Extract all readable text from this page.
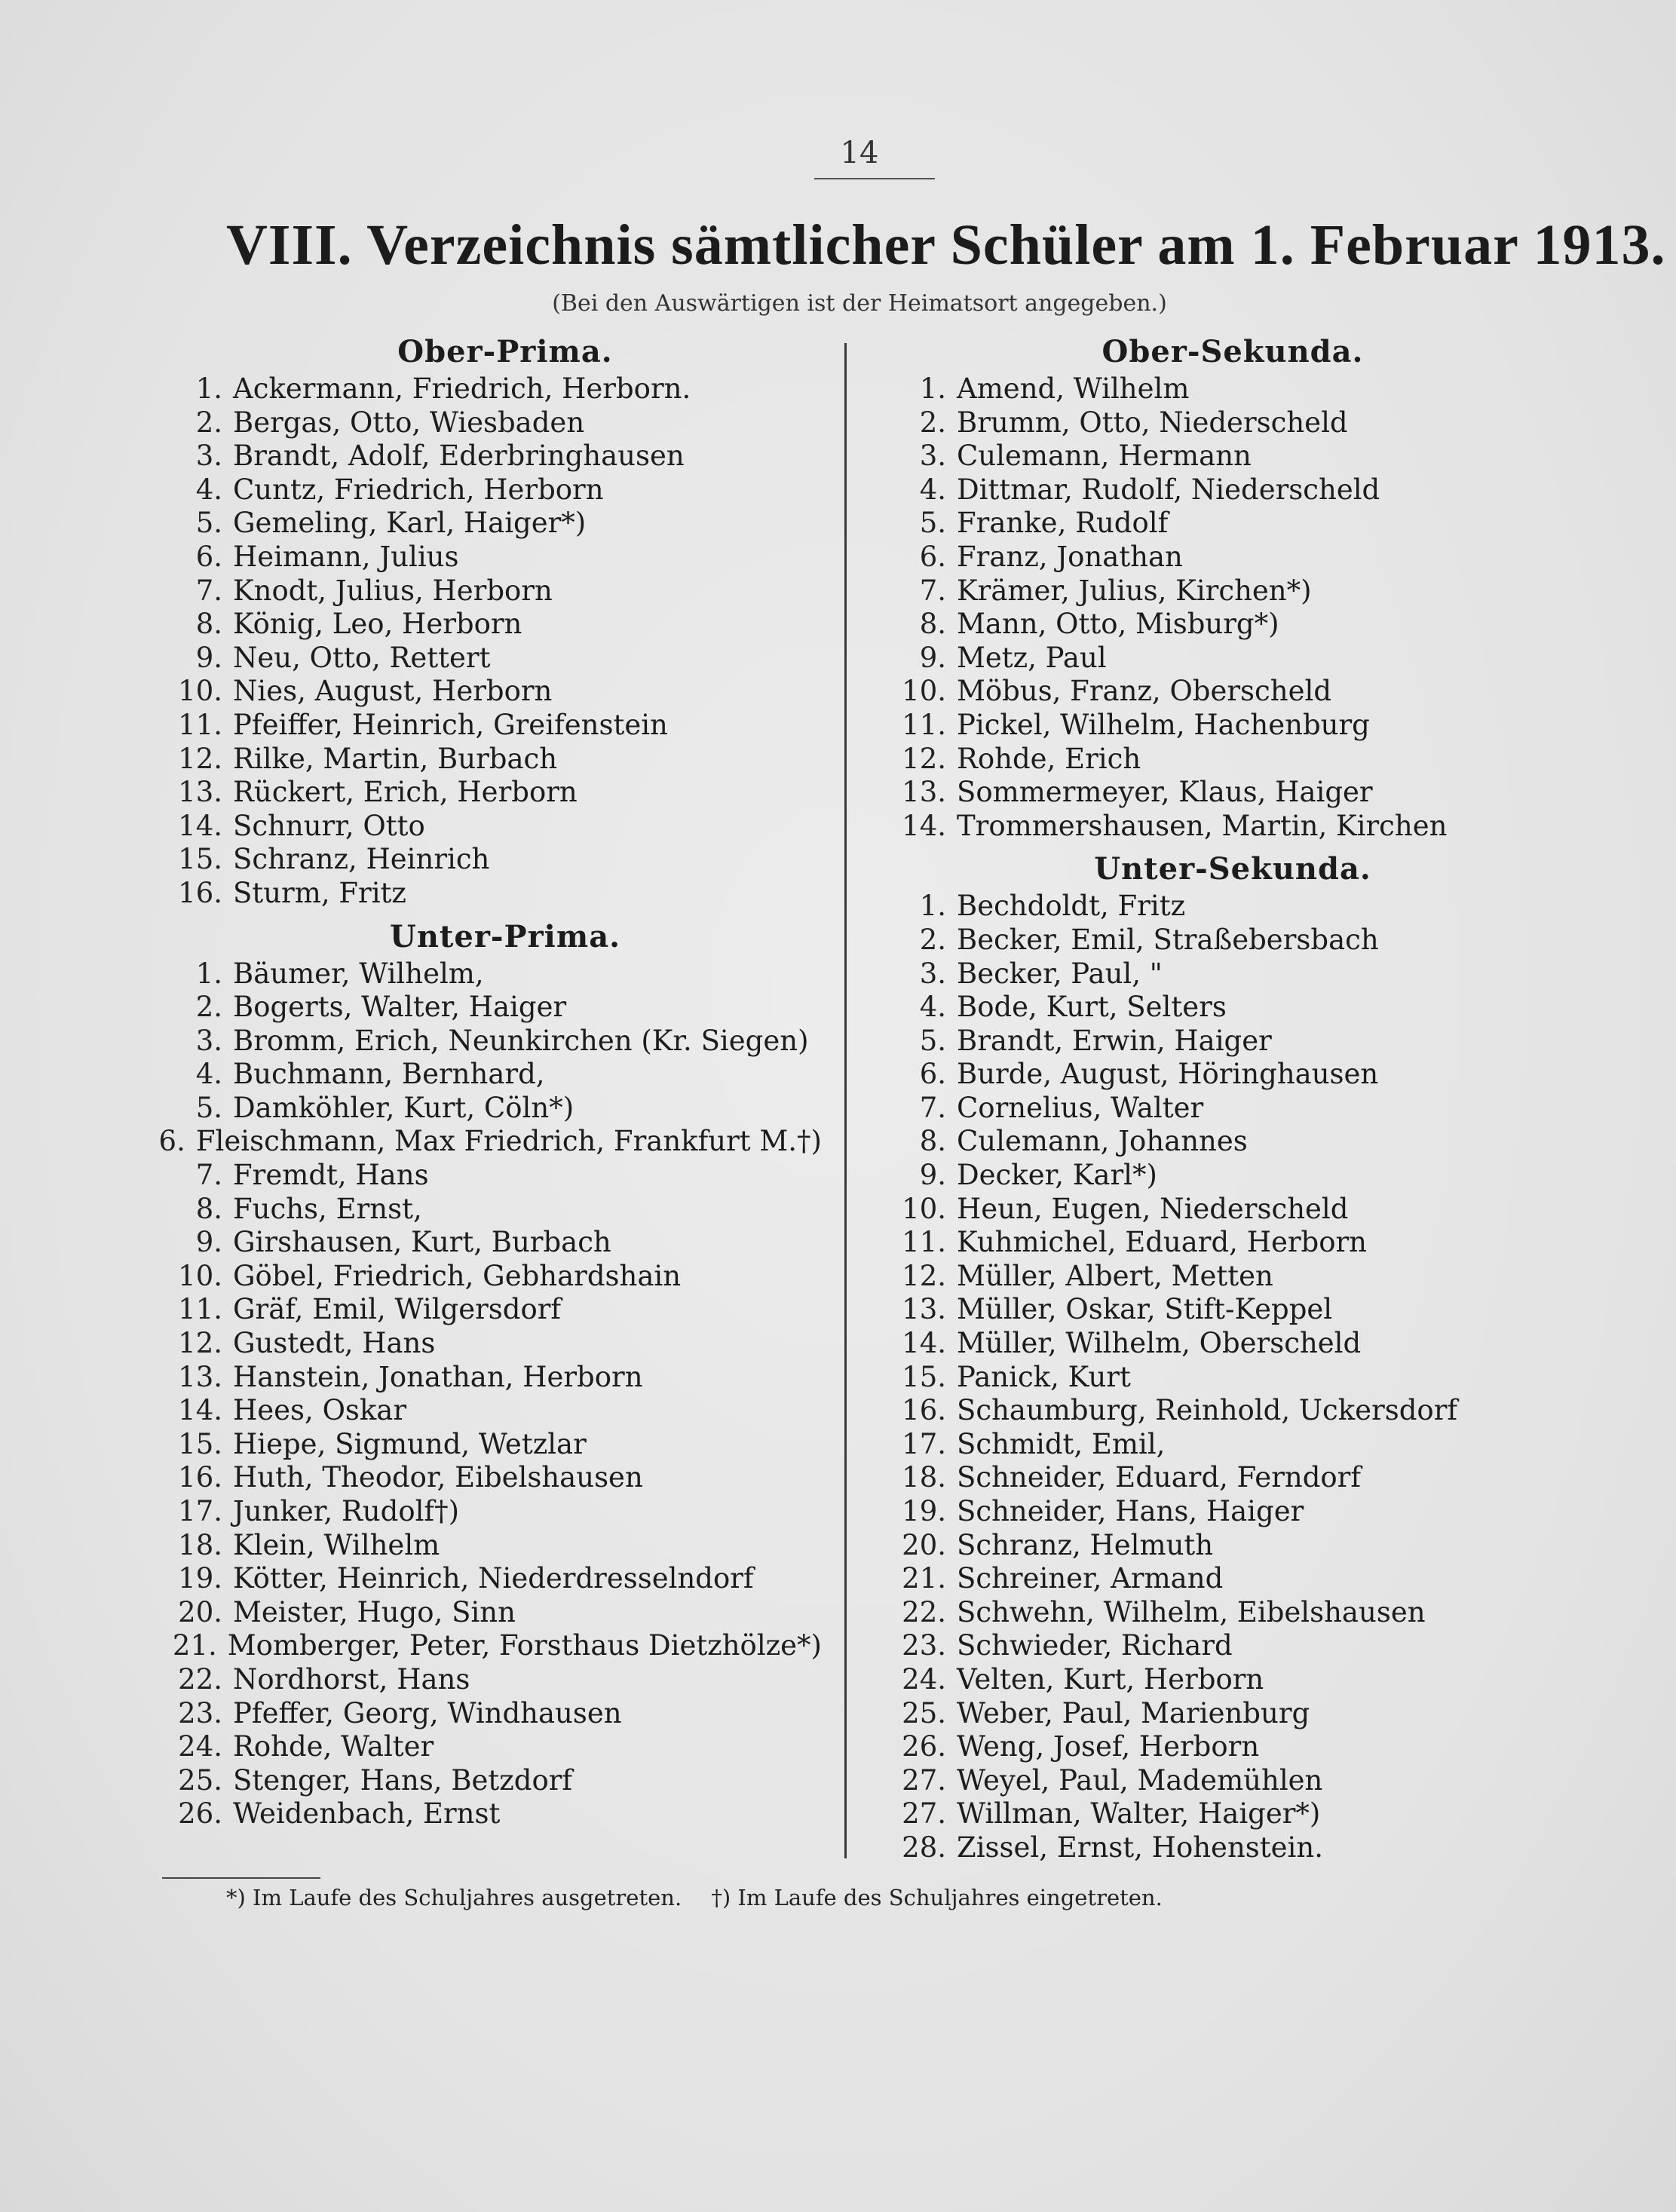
14
VIII. Verzeichnis sämtlicher Schüler am 1. Februar 1913.
(Bei den Auswärtigen ist der Heimatsort angegeben.)
Ober-Prima.
1. Ackermann, Friedrich, Herborn.
2. Bergas, Otto, Wiesbaden
3. Brandt, Adolf, Ederbringhausen
4. Cuntz, Friedrich, Herborn
5. Gemeling, Karl, Haiger*)
6. Heimann, Julius
7. Knodt, Julius, Herborn
8. König, Leo, Herborn
9. Neu, Otto, Rettert
10. Nies, August, Herborn
11. Pfeiffer, Heinrich, Greifenstein
12. Rilke, Martin, Burbach
13. Rückert, Erich, Herborn
14. Schnurr, Otto
15. Schranz, Heinrich
16. Sturm, Fritz
Unter-Prima.
1. Bäumer, Wilhelm,
2. Bogerts, Walter, Haiger
3. Bromm, Erich, Neunkirchen (Kr. Siegen)
4. Buchmann, Bernhard,
5. Damköhler, Kurt, Cöln*)
6. Fleischmann, Max Friedrich, Frankfurt M.†)
7. Fremdt, Hans
8. Fuchs, Ernst,
9. Girshausen, Kurt, Burbach
10. Göbel, Friedrich, Gebhardshain
11. Gräf, Emil, Wilgersdorf
12. Gustedt, Hans
13. Hanstein, Jonathan, Herborn
14. Hees, Oskar
15. Hiepe, Sigmund, Wetzlar
16. Huth, Theodor, Eibelshausen
17. Junker, Rudolf†)
18. Klein, Wilhelm
19. Kötter, Heinrich, Niederdresselndorf
20. Meister, Hugo, Sinn
21. Momberger, Peter, Forsthaus Dietzhölze*)
22. Nordhorst, Hans
23. Pfeffer, Georg, Windhausen
24. Rohde, Walter
25. Stenger, Hans, Betzdorf
26. Weidenbach, Ernst
Ober-Sekunda.
1. Amend, Wilhelm
2. Brumm, Otto, Niederscheld
3. Culemann, Hermann
4. Dittmar, Rudolf, Niederscheld
5. Franke, Rudolf
6. Franz, Jonathan
7. Krämer, Julius, Kirchen*)
8. Mann, Otto, Misburg*)
9. Metz, Paul
10. Möbus, Franz, Oberscheld
11. Pickel, Wilhelm, Hachenburg
12. Rohde, Erich
13. Sommermeyer, Klaus, Haiger
14. Trommershausen, Martin, Kirchen
Unter-Sekunda.
1. Bechdoldt, Fritz
2. Becker, Emil, Straßebersbach
3. Becker, Paul, "
4. Bode, Kurt, Selters
5. Brandt, Erwin, Haiger
6. Burde, August, Höringhausen
7. Cornelius, Walter
8. Culemann, Johannes
9. Decker, Karl*)
10. Heun, Eugen, Niederscheld
11. Kuhmichel, Eduard, Herborn
12. Müller, Albert, Metten
13. Müller, Oskar, Stift-Keppel
14. Müller, Wilhelm, Oberscheld
15. Panick, Kurt
16. Schaumburg, Reinhold, Uckersdorf
17. Schmidt, Emil,
18. Schneider, Eduard, Ferndorf
19. Schneider, Hans, Haiger
20. Schranz, Helmuth
21. Schreiner, Armand
22. Schwehn, Wilhelm, Eibelshausen
23. Schwieder, Richard
24. Velten, Kurt, Herborn
25. Weber, Paul, Marienburg
26. Weng, Josef, Herborn
27. Weyel, Paul, Mademühlen
27. Willman, Walter, Haiger*)
28. Zissel, Ernst, Hohenstein.
*) Im Laufe des Schuljahres ausgetreten. †) Im Laufe des Schuljahres eingetreten.
